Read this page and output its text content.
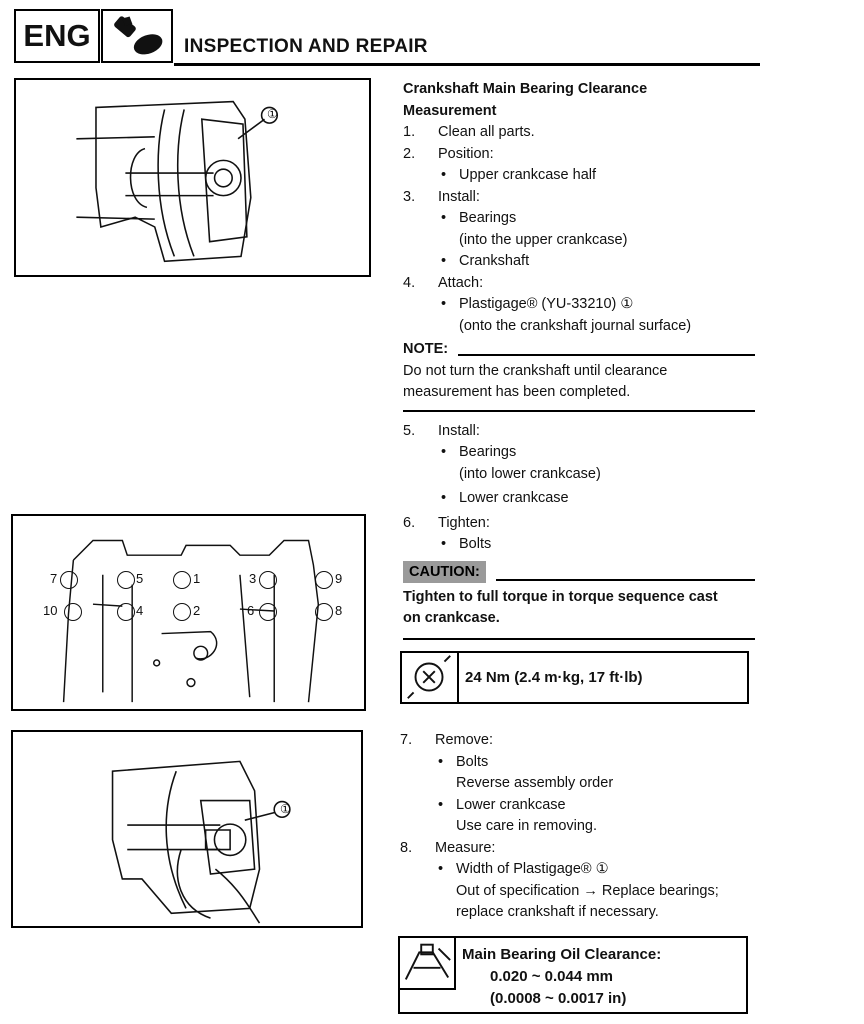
ENG	INSPECTION AND REPAIR
①
7	5	1	3	9
10	4	2	6	8
①
Crankshaft Main Bearing Clearance
Measurement
1.	Clean all parts.
2.	Position:
• Upper crankcase half
3.	Install:
• Bearings
(into the upper crankcase)
• Crankshaft
4.	Attach:
• Plastigage® (YU-33210) ①
(onto the crankshaft journal surface)
NOTE:
Do not turn the crankshaft until clearance
measurement has been completed.
5.	Install:
• Bearings
(into lower crankcase)
• Lower crankcase
6.	Tighten:
• Bolts
CAUTION:
Tighten to full torque in torque sequence cast
on crankcase.
24 Nm (2.4 m·kg, 17 ft·lb)
7.	Remove:
• Bolts
Reverse assembly order
• Lower crankcase
Use care in removing.
8.	Measure:
• Width of Plastigage® ①
Out of specification → Replace bearings;
replace crankshaft if necessary.
Main Bearing Oil Clearance:
0.020 ~ 0.044 mm
(0.0008 ~ 0.0017 in)
